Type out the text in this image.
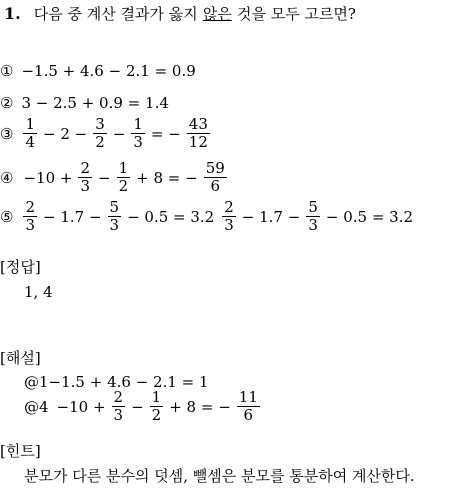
1. 다음 중 계산 결과가 옳지 않은 것을 모두 고르면?
① −1.5 + 4.6 − 2.1 = 0.9
② 3 − 2.5 + 0.9 = 1.4
③ $\frac{1}{4} - 2 - \frac{3}{2} - \frac{1}{3}$ = − $\frac{43}{12}$
④ $-10 + \frac{2}{3} - \frac{1}{2} + 8$ = − $\frac{59}{6}$
⑤ $\frac{2}{3} - 1.7 - \frac{5}{3} - 0.5 = 3.2 \frac{2}{3} - 1.7 - \frac{5}{3} - 0.5 = 3.2$
[정답]
1, 4
[해설]
@1−1.5 + 4.6 − 2.1 = 1
@4 $-10 + \frac{2}{3} - \frac{1}{2} + 8$ = − $\frac{11}{6}$
[힌트]
분모가 다른 분수의 덧셈, 뺄셈은 분모를 통분하여 계산한다.
